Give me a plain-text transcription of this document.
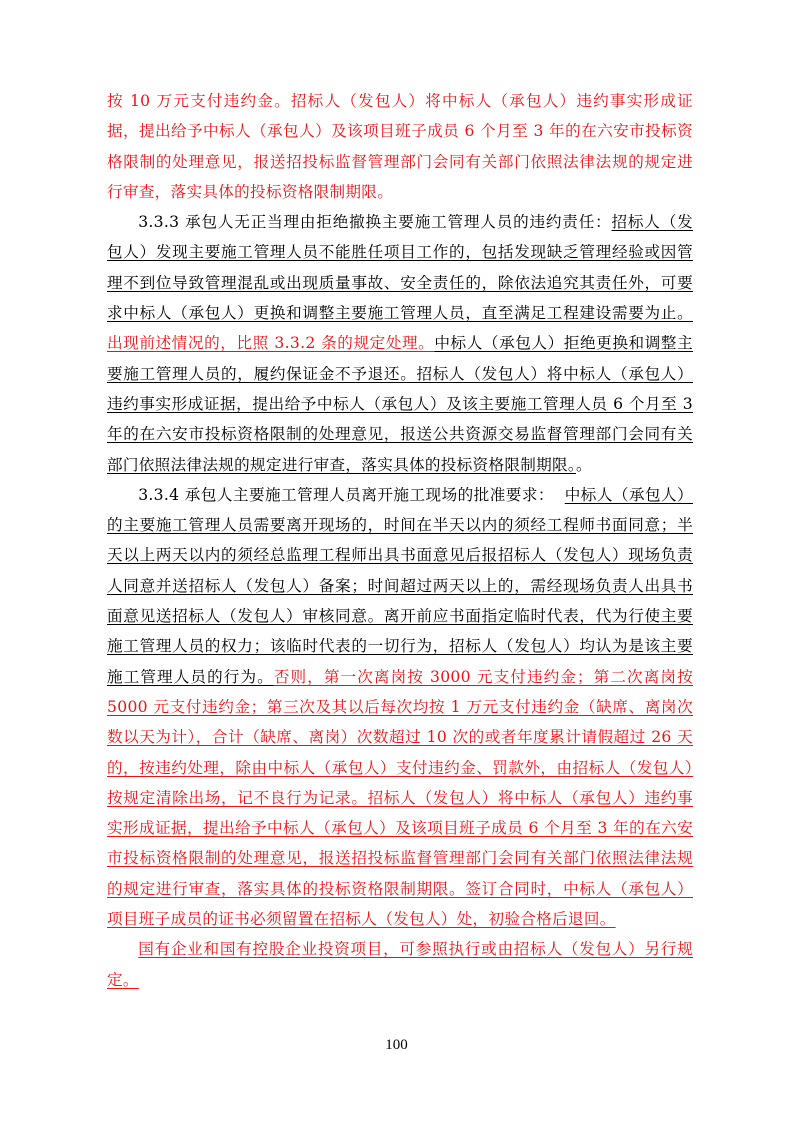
按 10 万元支付违约金。招标人（发包人）将中标人（承包人）违约事实形成证据，提出给予中标人（承包人）及该项目班子成员 6 个月至 3 年的在六安市投标资格限制的处理意见，报送招投标监督管理部门会同有关部门依照法律法规的规定进行审查，落实具体的投标资格限制期限。

3.3.3 承包人无正当理由拒绝撤换主要施工管理人员的违约责任：招标人（发包人）发现主要施工管理人员不能胜任项目工作的，包括发现缺乏管理经验或因管理不到位导致管理混乱或出现质量事故、安全责任的，除依法追究其责任外，可要求中标人（承包人）更换和调整主要施工管理人员，直至满足工程建设需要为止。出现前述情况的，比照 3.3.2 条的规定处理。中标人（承包人）拒绝更换和调整主要施工管理人员的，履约保证金不予退还。招标人（发包人）将中标人（承包人）违约事实形成证据，提出给予中标人（承包人）及该主要施工管理人员 6 个月至 3 年的在六安市投标资格限制的处理意见，报送公共资源交易监督管理部门会同有关部门依照法律法规的规定进行审查，落实具体的投标资格限制期限。。

3.3.4 承包人主要施工管理人员离开施工现场的批准要求：  中标人（承包人）的主要施工管理人员需要离开现场的，时间在半天以内的须经工程师书面同意；半天以上两天以内的须经总监理工程师出具书面意见后报招标人（发包人）现场负责人同意并送招标人（发包人）备案；时间超过两天以上的，需经现场负责人出具书面意见送招标人（发包人）审核同意。离开前应书面指定临时代表，代为行使主要施工管理人员的权力；该临时代表的一切行为，招标人（发包人）均认为是该主要施工管理人员的行为。否则，第一次离岗按 3000 元支付违约金；第二次离岗按 5000 元支付违约金；第三次及其以后每次均按 1 万元支付违约金（缺席、离岗次数以天为计），合计（缺席、离岗）次数超过 10 次的或者年度累计请假超过 26 天的，按违约处理，除由中标人（承包人）支付违约金、罚款外，由招标人（发包人）按规定清除出场，记不良行为记录。招标人（发包人）将中标人（承包人）违约事实形成证据，提出给予中标人（承包人）及该项目班子成员 6 个月至 3 年的在六安市投标资格限制的处理意见，报送招投标监督管理部门会同有关部门依照法律法规的规定进行审查，落实具体的投标资格限制期限。签订合同时，中标人（承包人）项目班子成员的证书必须留置在招标人（发包人）处，初验合格后退回。

国有企业和国有控股企业投资项目，可参照执行或由招标人（发包人）另行规定。

100
